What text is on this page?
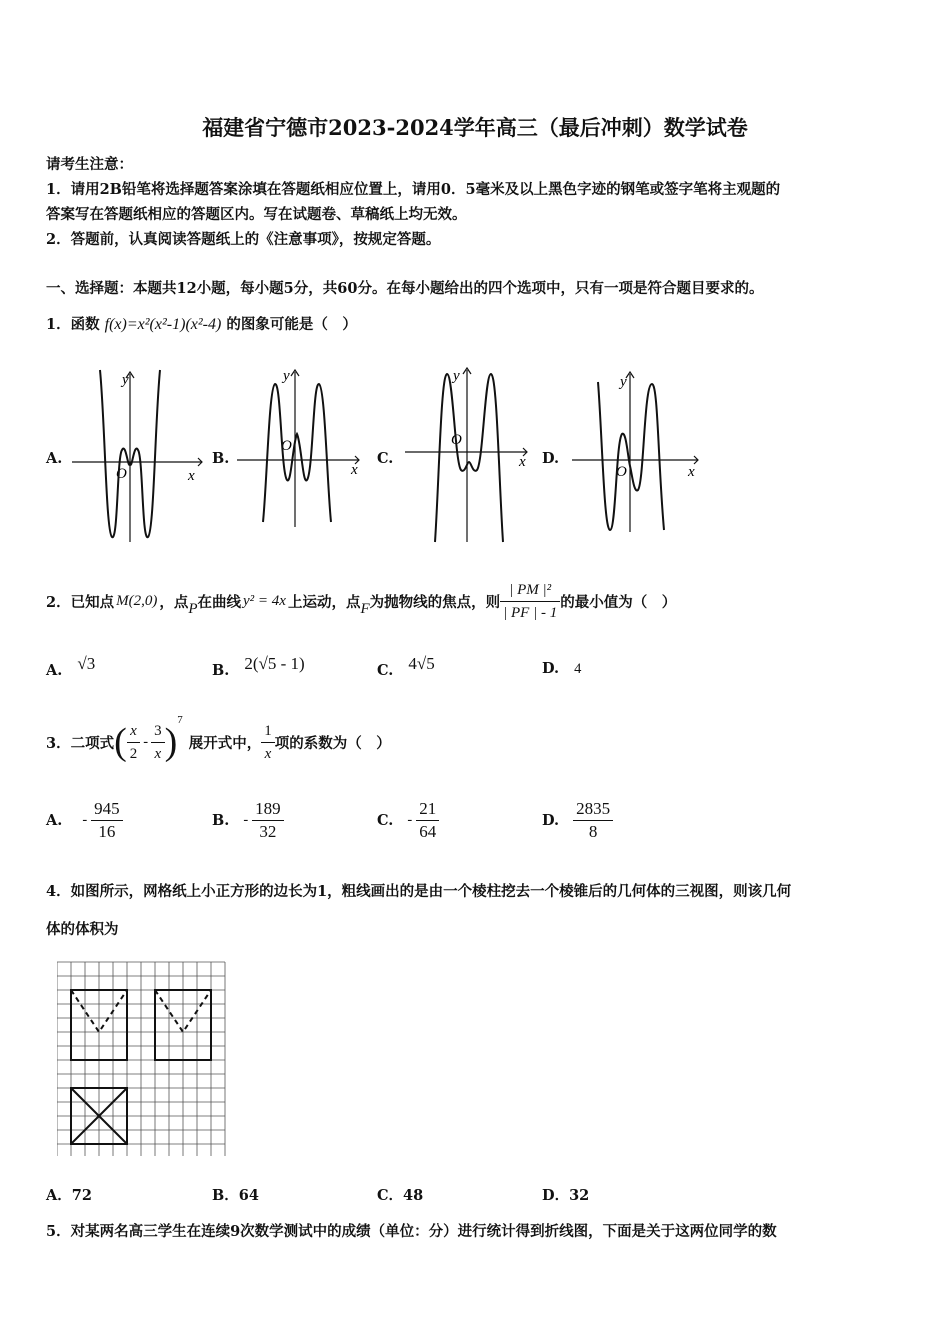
福建省宁德市2023-2024学年高三（最后冲刺）数学试卷
请考生注意：
1．请用2B铅笔将选择题答案涂填在答题纸相应位置上，请用0．5毫米及以上黑色字迹的钢笔或签字笔将主观题的
答案写在答题纸相应的答题区内。写在试题卷、草稿纸上均无效。
2．答题前，认真阅读答题纸上的《注意事项》，按规定答题。
一、选择题：本题共12小题，每小题5分，共60分。在每小题给出的四个选项中，只有一项是符合题目要求的。
1．函数 f(x)=x²(x²-1)(x²-4) 的图象可能是（　）
A.	B.	C.	D.
y
x
O
y
x
O
y
x
O
y
x
O
2．已知点 M(2,0) ，点 P 在曲线 y² = 4x 上运动，点 F 为抛物线的焦点，则 $\frac{\text{| PM |²}}{| PF | - 1}$ 的最小值为（　）
A. √3	B. 2(√5 - 1)	C. 4√5	D. 4
3．二项式 ( $\frac{x}{2} - \frac{3}{x}$ )
7
展开式中， $\frac{1}{x}$ 项的系数为（　）
A. - $\frac{945}{16}$	B. - $\frac{189}{32}$	C. - $\frac{21}{64}$	D. $\frac{2835}{8}$
4．如图所示，网格纸上小正方形的边长为1，粗线画出的是由一个棱柱挖去一个棱锥后的几何体的三视图，则该几何
体的体积为
A．72	B．64	C．48	D．32
5．对某两名高三学生在连续9次数学测试中的成绩（单位：分）进行统计得到折线图，下面是关于这两位同学的数
